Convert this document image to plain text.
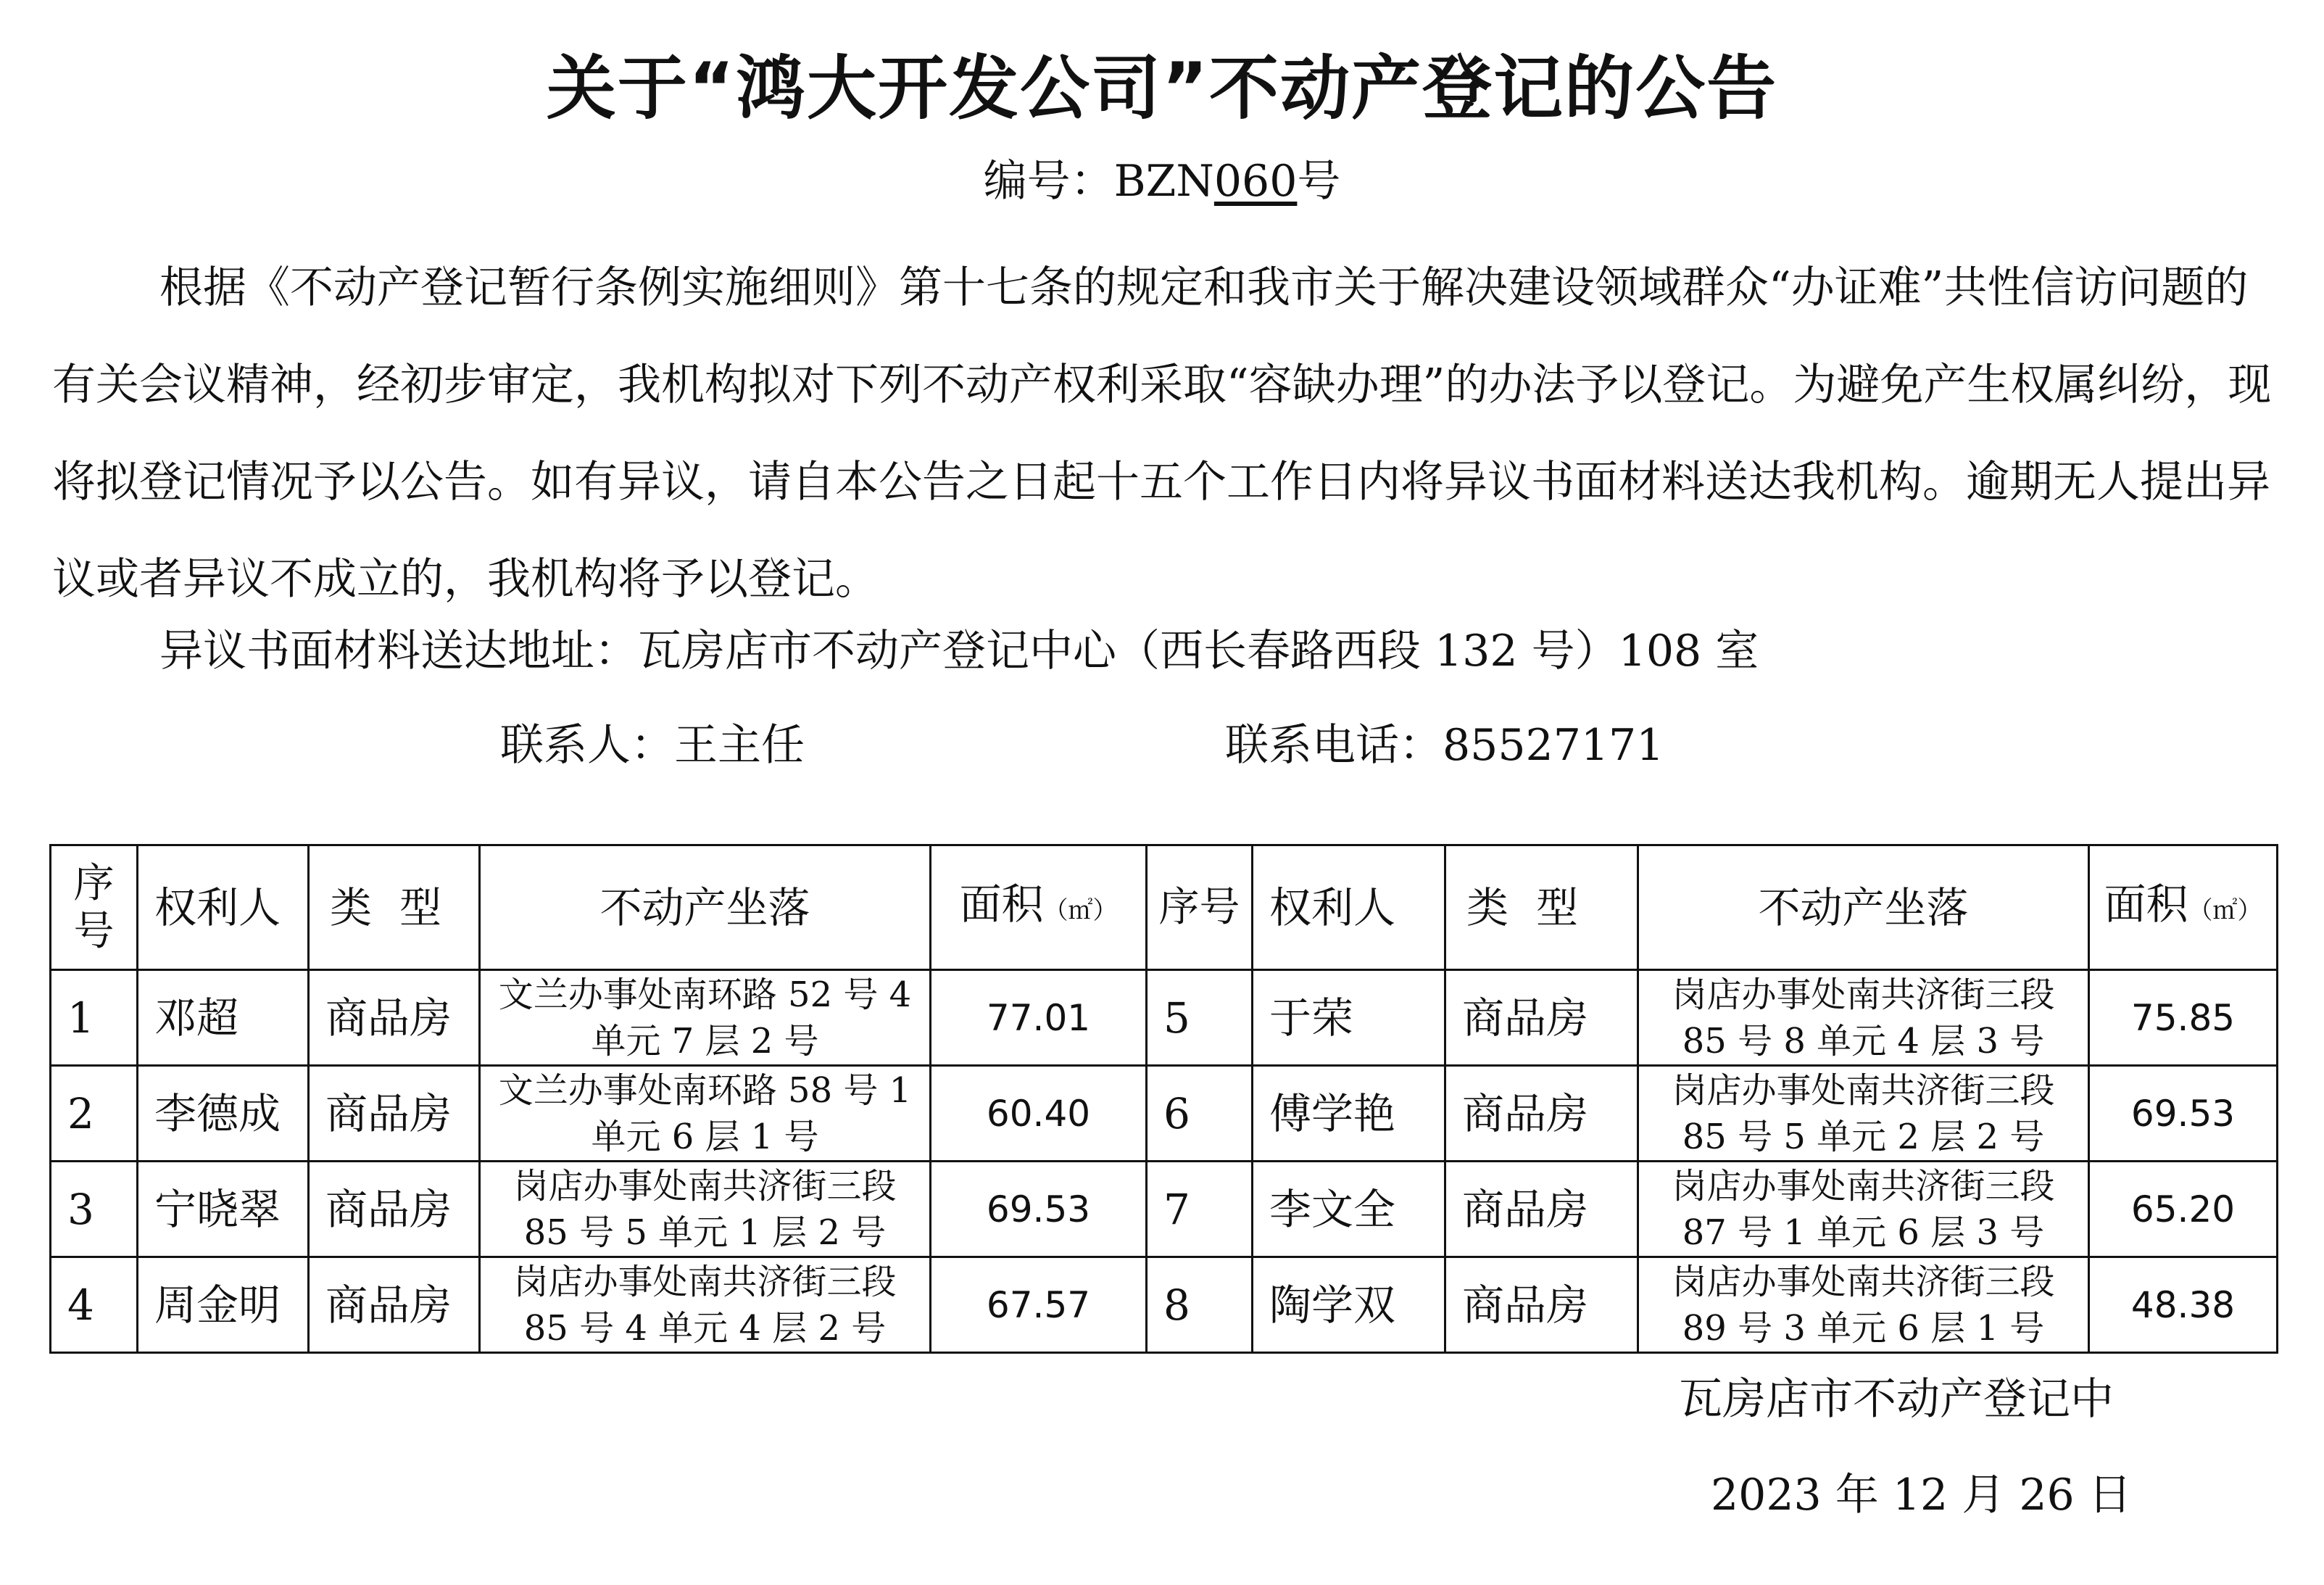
关于“鸿大开发公司”不动产登记的公告
编号：BZN060号

根据《不动产登记暂行条例实施细则》第十七条的规定和我市关于解决建设领域群众“办证难”共性信访问题的有关会议精神，经初步审定，我机构拟对下列不动产权利采取“容缺办理”的办法予以登记。为避免产生权属纠纷，现将拟登记情况予以公告。如有异议，请自本公告之日起十五个工作日内将异议书面材料送达我机构。逾期无人提出异议或者异议不成立的，我机构将予以登记。

异议书面材料送达地址：瓦房店市不动产登记中心（西长春路西段 132 号）108 室
联系人：王主任	联系电话：85527171
序号	权利人	类型	不动产坐落	面积（㎡）	序号	权利人	类型	不动产坐落	面积（㎡）
1	邓超	商品房	文兰办事处南环路 52 号 4 单元 7 层 2 号	77.01	5	于荣	商品房	岗店办事处南共济街三段 85 号 8 单元 4 层 3 号	75.85
2	李德成	商品房	文兰办事处南环路 58 号 1 单元 6 层 1 号	60.40	6	傅学艳	商品房	岗店办事处南共济街三段 85 号 5 单元 2 层 2 号	69.53
3	宁晓翠	商品房	岗店办事处南共济街三段 85 号 5 单元 1 层 2 号	69.53	7	李文全	商品房	岗店办事处南共济街三段 87 号 1 单元 6 层 3 号	65.20
4	周金明	商品房	岗店办事处南共济街三段 85 号 4 单元 4 层 2 号	67.57	8	陶学双	商品房	岗店办事处南共济街三段 89 号 3 单元 6 层 1 号	48.38
瓦房店市不动产登记中
2023 年 12 月 26 日
